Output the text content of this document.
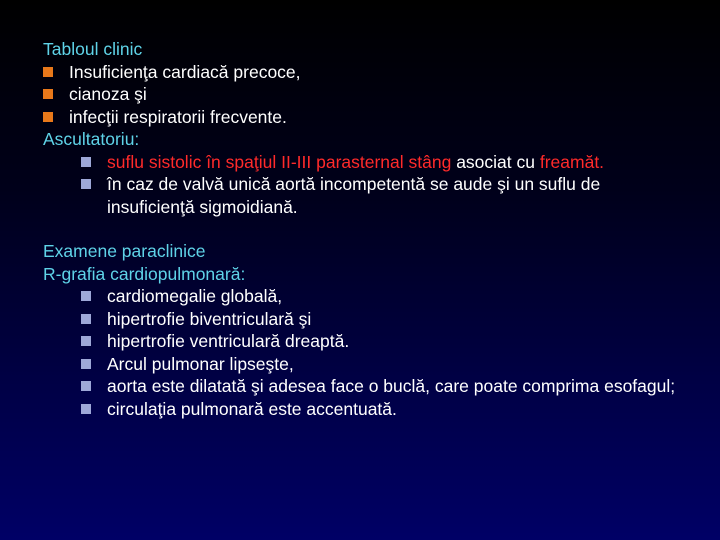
Tabloul clinic
Insuficienţa cardiacă precoce,
cianoza şi
infecţii respiratorii frecvente.
Ascultatoriu:
suflu sistolic în spaţiul II-III parasternal stâng asociat cu freamăt.
în caz de valvă unică aortă incompetentă se aude şi un suflu de insuficienţă sigmoidiană.
Examene paraclinice
R-grafia cardiopulmonară:
cardiomegalie globală,
hipertrofie biventriculară şi
hipertrofie ventriculară dreaptă.
Arcul pulmonar lipseşte,
aorta este dilatată şi adesea face o buclă, care poate comprima esofagul;
circulaţia pulmonară este accentuată.
